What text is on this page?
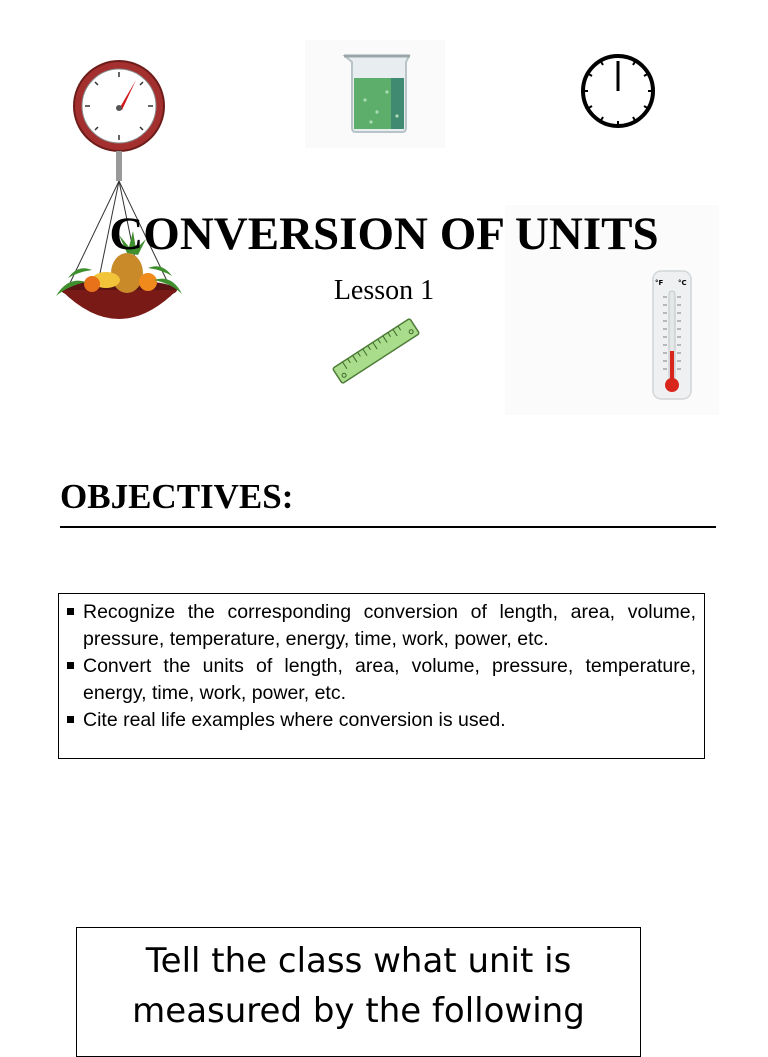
CONVERSION OF UNITS
Lesson 1	°F °C
OBJECTIVES:
Recognize the corresponding conversion of length, area, volume, pressure, temperature, energy, time, work, power, etc.
Convert the units of length, area, volume, pressure, temperature, energy, time, work, power, etc.
Cite real life examples where conversion is used.
Tell the class what unit is measured by the following
